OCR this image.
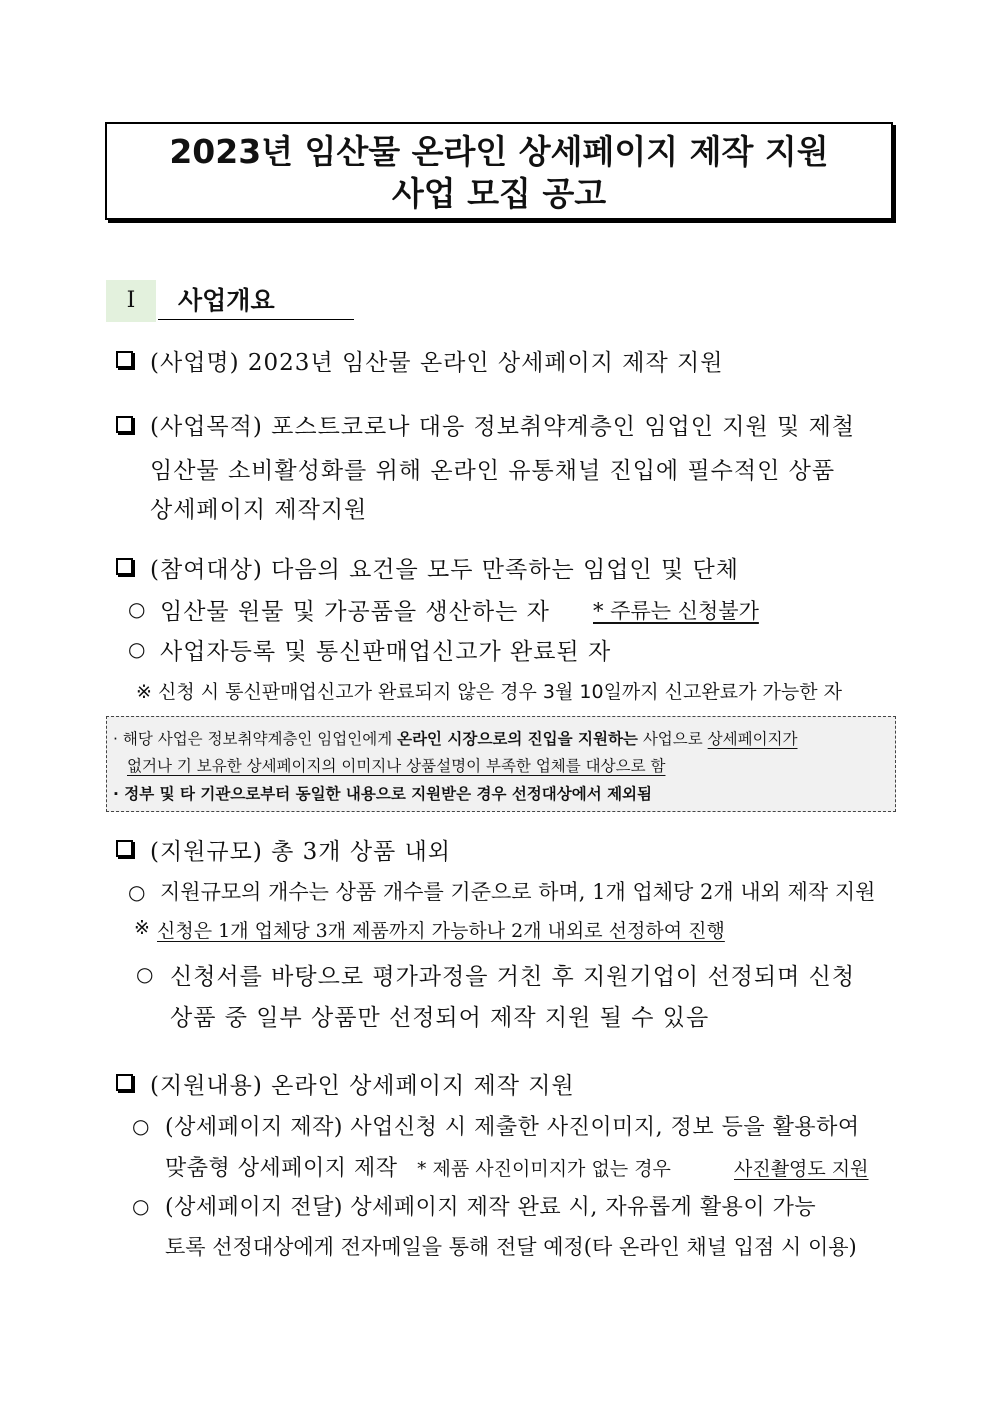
2023년 임산물 온라인 상세페이지 제작 지원
사업 모집 공고
Ⅰ	사업개요
(사업명) 2023년 임산물 온라인 상세페이지 제작 지원
(사업목적) 포스트코로나 대응 정보취약계층인 임업인 지원 및 제철
임산물 소비활성화를 위해 온라인 유통채널 진입에 필수적인 상품
상세페이지 제작지원
(참여대상) 다음의 요건을 모두 만족하는 임업인 및 단체
○ 임산물 원물 및 가공품을 생산하는 자 * 주류는 신청불가
○ 사업자등록 및 통신판매업신고가 완료된 자
※ 신청 시 통신판매업신고가 완료되지 않은 경우 3월 10일까지 신고완료가 가능한 자
· 해당 사업은 정보취약계층인 임업인에게 온라인 시장으로의 진입을 지원하는 사업으로 상세페이지가
없거나 기 보유한 상세페이지의 이미지나 상품설명이 부족한 업체를 대상으로 함
· 정부 및 타 기관으로부터 동일한 내용으로 지원받은 경우 선정대상에서 제외됨
(지원규모) 총 3개 상품 내외
○ 지원규모의 개수는 상품 개수를 기준으로 하며, 1개 업체당 2개 내외 제작 지원
※ 신청은 1개 업체당 3개 제품까지 가능하나 2개 내외로 선정하여 진행
○ 신청서를 바탕으로 평가과정을 거친 후 지원기업이 선정되며 신청
상품 중 일부 상품만 선정되어 제작 지원 될 수 있음
(지원내용) 온라인 상세페이지 제작 지원
○ (상세페이지 제작) 사업신청 시 제출한 사진이미지, 정보 등을 활용하여
맞춤형 상세페이지 제작 * 제품 사진이미지가 없는 경우	사진촬영도 지원
○ (상세페이지 전달) 상세페이지 제작 완료 시, 자유롭게 활용이 가능
토록 선정대상에게 전자메일을 통해 전달 예정(타 온라인 채널 입점 시 이용)
